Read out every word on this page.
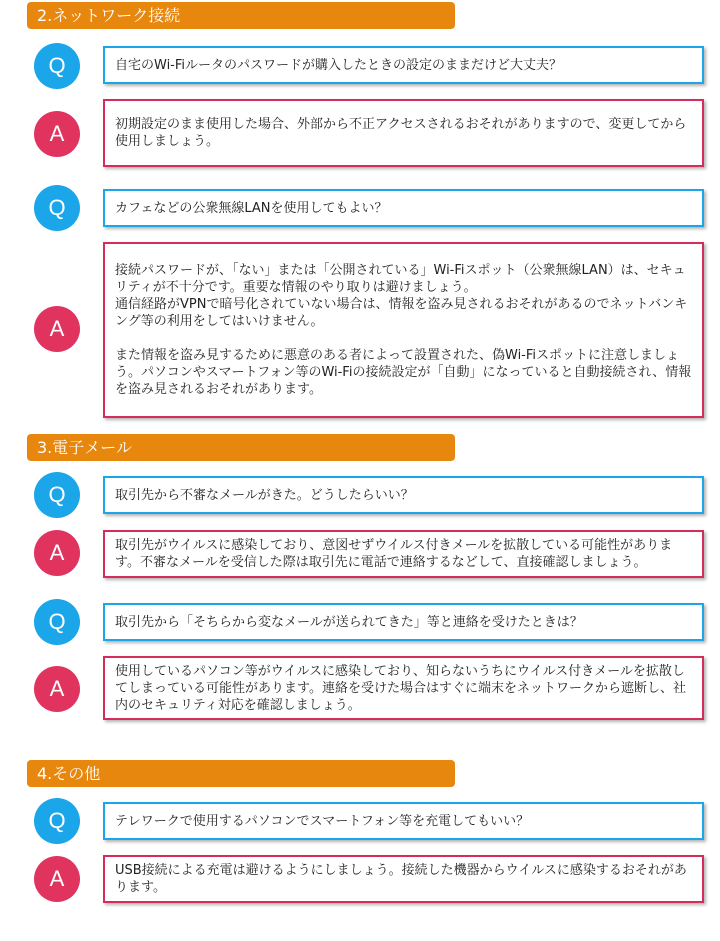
2.ネットワーク接続
Q	自宅のWi-Fiルータのパスワードが購入したときの設定のままだけど大丈夫？
A	初期設定のまま使用した場合、外部から不正アクセスされるおそれがありますので、変更してから使用しましょう。
Q	カフェなどの公衆無線LANを使用してもよい？
A
接続パスワードが、「ない」または「公開されている」Wi-Fiスポット（公衆無線LAN）は、セキュリティが不十分です。重要な情報のやり取りは避けましょう。
通信経路がVPNで暗号化されていない場合は、情報を盗み見されるおそれがあるのでネットバンキング等の利用をしてはいけません。

また情報を盗み見するために悪意のある者によって設置された、偽Wi-Fiスポットに注意しましょう。パソコンやスマートフォン等のWi-Fiの接続設定が「自動」になっていると自動接続され、情報を盗み見されるおそれがあります。
3.電子メール
Q	取引先から不審なメールがきた。どうしたらいい？
A	取引先がウイルスに感染しており、意図せずウイルス付きメールを拡散している可能性があります。不審なメールを受信した際は取引先に電話で連絡するなどして、直接確認しましょう。
Q	取引先から「そちらから変なメールが送られてきた」等と連絡を受けたときは？
A
使用しているパソコン等がウイルスに感染しており、知らないうちにウイルス付きメールを拡散してしまっている可能性があります。連絡を受けた場合はすぐに端末をネットワークから遮断し、社内のセキュリティ対応を確認しましょう。
4.その他
Q	テレワークで使用するパソコンでスマートフォン等を充電してもいい？
A	USB接続による充電は避けるようにしましょう。接続した機器からウイルスに感染するおそれがあります。
